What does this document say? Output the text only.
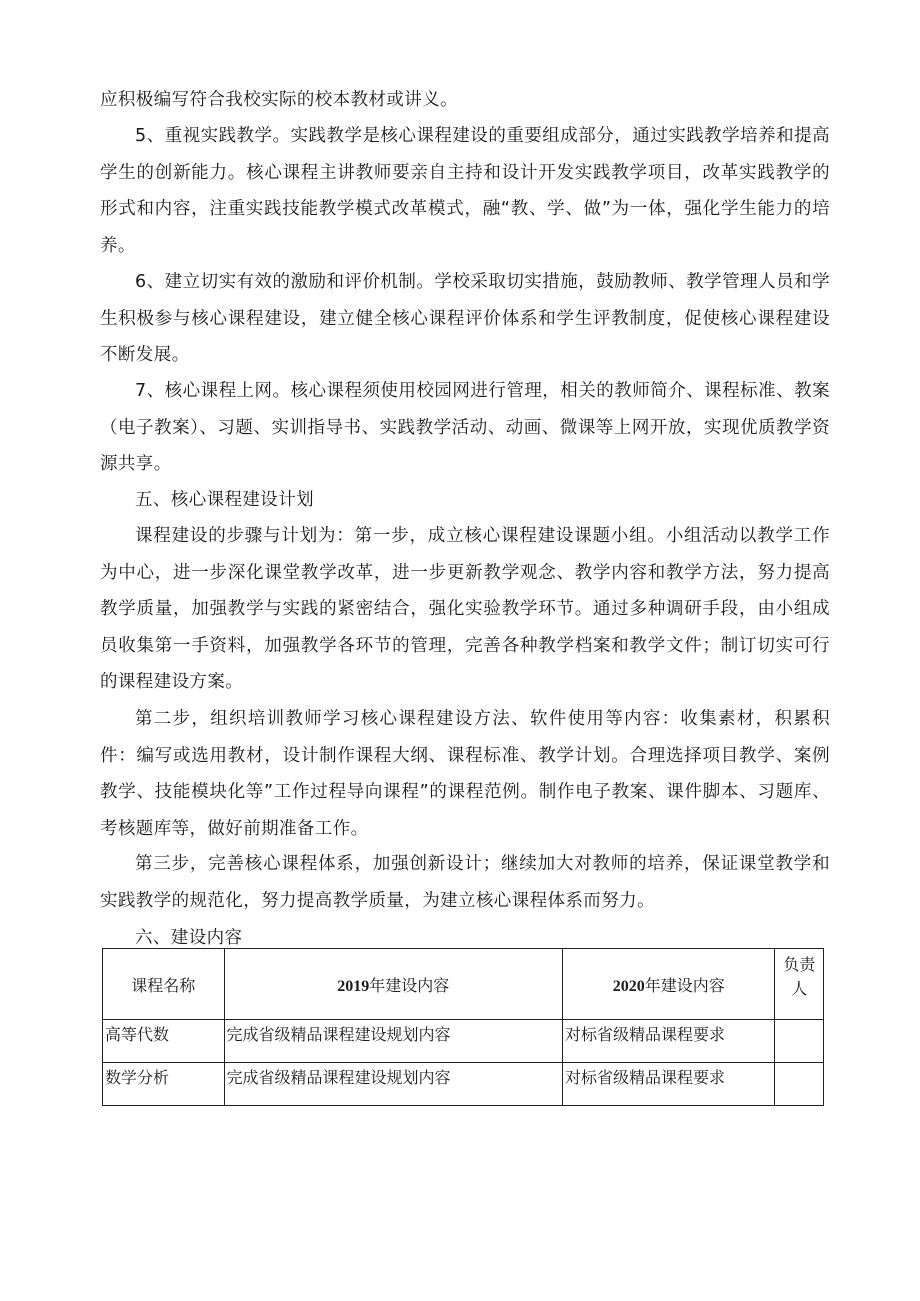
应积极编写符合我校实际的校本教材或讲义。

5、重视实践教学。实践教学是核心课程建设的重要组成部分，通过实践教学培养和提高学生的创新能力。核心课程主讲教师要亲自主持和设计开发实践教学项目，改革实践教学的形式和内容，注重实践技能教学模式改革模式，融“教、学、做”为一体，强化学生能力的培养。

6、建立切实有效的激励和评价机制。学校采取切实措施，鼓励教师、教学管理人员和学生积极参与核心课程建设，建立健全核心课程评价体系和学生评教制度，促使核心课程建设不断发展。

7、核心课程上网。核心课程须使用校园网进行管理，相关的教师简介、课程标准、教案（电子教案）、习题、实训指导书、实践教学活动、动画、微课等上网开放，实现优质教学资源共享。

五、核心课程建设计划

课程建设的步骤与计划为：第一步，成立核心课程建设课题小组。小组活动以教学工作为中心，进一步深化课堂教学改革，进一步更新教学观念、教学内容和教学方法，努力提高教学质量，加强教学与实践的紧密结合，强化实验教学环节。通过多种调研手段，由小组成员收集第一手资料，加强教学各环节的管理，完善各种教学档案和教学文件；制订切实可行的课程建设方案。

第二步，组织培训教师学习核心课程建设方法、软件使用等内容：收集素材，积累积件：编写或选用教材，设计制作课程大纲、课程标准、教学计划。合理选择项目教学、案例教学、技能模块化等”工作过程导向课程”的课程范例。制作电子教案、课件脚本、习题库、考核题库等，做好前期准备工作。

第三步，完善核心课程体系，加强创新设计；继续加大对教师的培养，保证课堂教学和实践教学的规范化，努力提高教学质量，为建立核心课程体系而努力。

六、建设内容

课程名称	2019年建设内容	2020年建设内容	负责人
高等代数	完成省级精品课程建设规划内容	对标省级精品课程要求	
数学分析	完成省级精品课程建设规划内容	对标省级精品课程要求	
